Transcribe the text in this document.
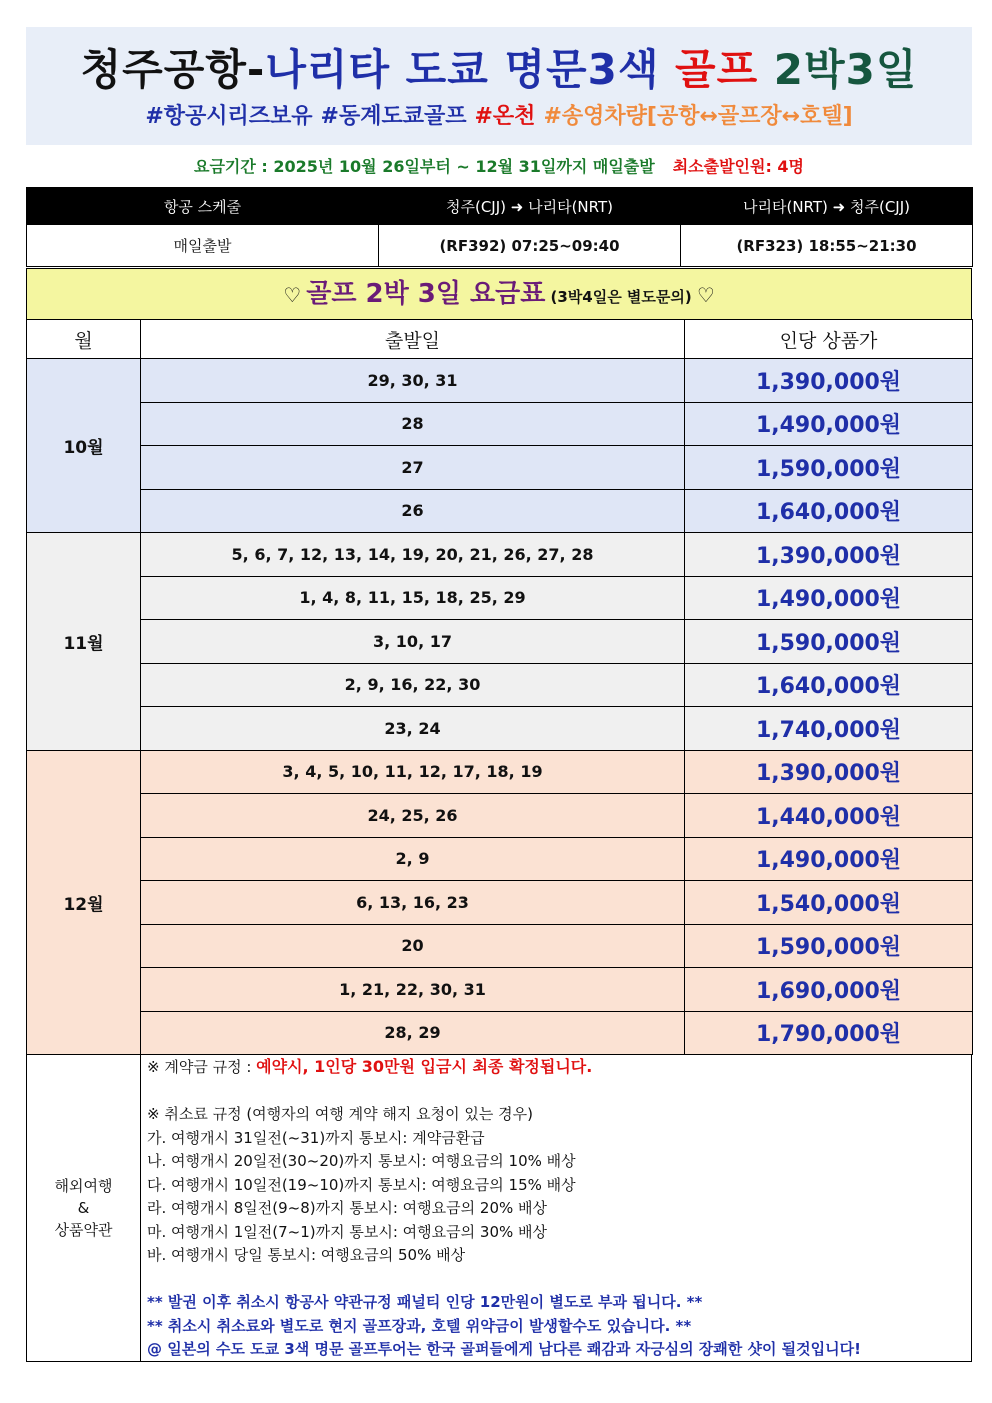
청주공항-나리타 도쿄 명문3색 골프 2박3일
#항공시리즈보유 #동계도쿄골프 #온천 #송영차량[공항↔골프장↔호텔]
요금기간 : 2025년 10월 26일부터 ~ 12월 31일까지 매일출발 최소출발인원: 4명
항공 스케줄	청주(CJJ) ➜ 나리타(NRT)	나리타(NRT) ➜ 청주(CJJ)
매일출발	(RF392) 07:25~09:40	(RF323) 18:55~21:30
♡ 골프 2박 3일 요금표 (3박4일은 별도문의) ♡
월	출발일	인당 상품가
10월	29, 30, 31	1,390,000원
	28	1,490,000원
	27	1,590,000원
	26	1,640,000원
11월	5, 6, 7, 12, 13, 14, 19, 20, 21, 26, 27, 28	1,390,000원
	1, 4, 8, 11, 15, 18, 25, 29	1,490,000원
	3, 10, 17	1,590,000원
	2, 9, 16, 22, 30	1,640,000원
	23, 24	1,740,000원
12월	3, 4, 5, 10, 11, 12, 17, 18, 19	1,390,000원
	24, 25, 26	1,440,000원
	2, 9	1,490,000원
	6, 13, 16, 23	1,540,000원
	20	1,590,000원
	1, 21, 22, 30, 31	1,690,000원
	28, 29	1,790,000원
해외여행
&
상품약관
※ 계약금 규정 : 예약시, 1인당 30만원 입금시 최종 확정됩니다.
※ 취소료 규정 (여행자의 여행 계약 해지 요청이 있는 경우)
가. 여행개시 31일전(~31)까지 통보시: 계약금환급
나. 여행개시 20일전(30~20)까지 통보시: 여행요금의 10% 배상
다. 여행개시 10일전(19~10)까지 통보시: 여행요금의 15% 배상
라. 여행개시 8일전(9~8)까지 통보시: 여행요금의 20% 배상
마. 여행개시 1일전(7~1)까지 통보시: 여행요금의 30% 배상
바. 여행개시 당일 통보시: 여행요금의 50% 배상
** 발권 이후 취소시 항공사 약관규정 패널티 인당 12만원이 별도로 부과 됩니다. **
** 취소시 취소료와 별도로 현지 골프장과, 호텔 위약금이 발생할수도 있습니다. **
@ 일본의 수도 도쿄 3색 명문 골프투어는 한국 골퍼들에게 남다른 쾌감과 자긍심의 장쾌한 샷이 될것입니다!
